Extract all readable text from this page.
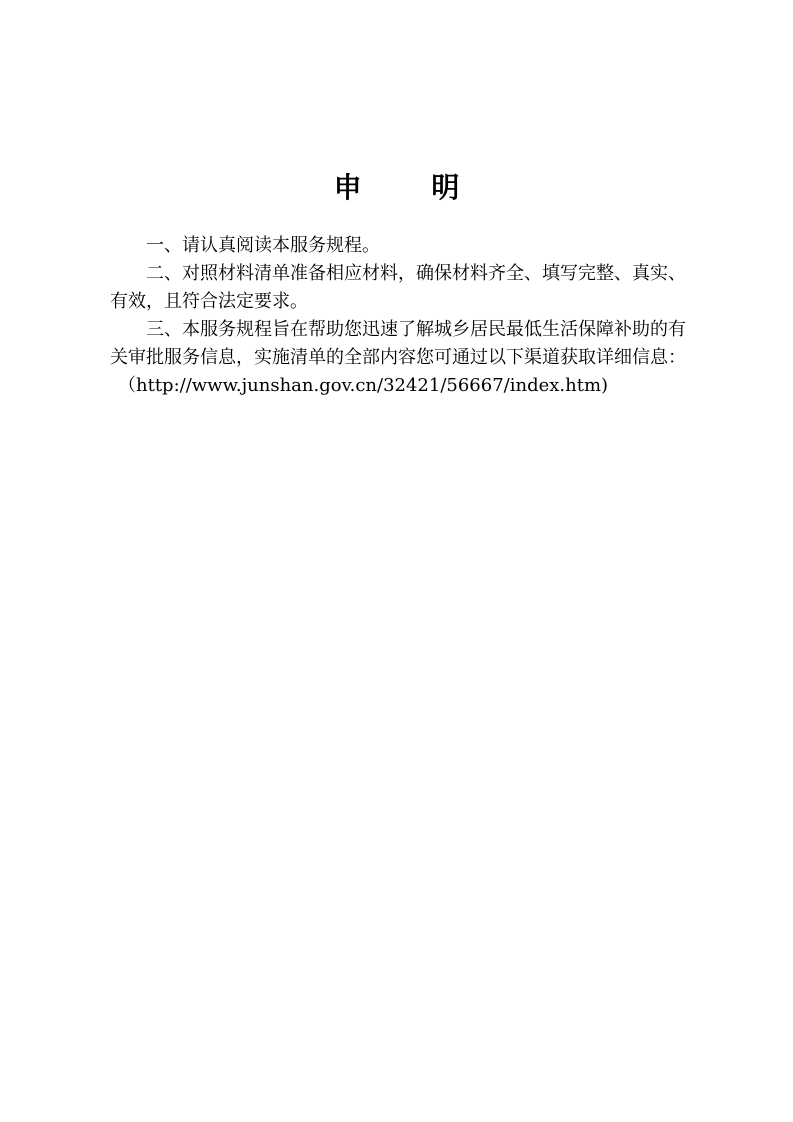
申 明

一、请认真阅读本服务规程。

二、对照材料清单准备相应材料，确保材料齐全、填写完整、真实、有效，且符合法定要求。

三、本服务规程旨在帮助您迅速了解城乡居民最低生活保障补助的有关审批服务信息，实施清单的全部内容您可通过以下渠道获取详细信息：

（http://www.junshan.gov.cn/32421/56667/index.htm)
